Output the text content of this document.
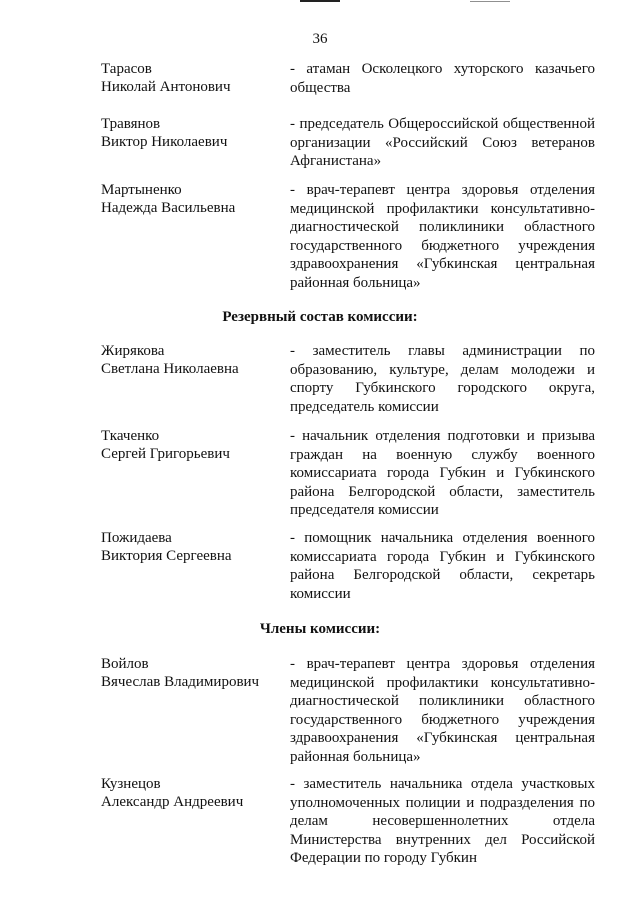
36
Тарасов
Николай Антонович
- атаман Осколецкого хуторского казачьего общества
Травянов
Виктор Николаевич
- председатель Общероссийской общественной организации «Российский Союз ветеранов Афганистана»
Мартыненко
Надежда Васильевна
- врач-терапевт центра здоровья отделения медицинской профилактики консультативно-диагностической поликлиники областного государственного бюджетного учреждения здравоохранения «Губкинская центральная районная больница»
Резервный состав комиссии:
Жирякова
Светлана Николаевна
- заместитель главы администрации по образованию, культуре, делам молодежи и спорту Губкинского городского округа, председатель комиссии
Ткаченко
Сергей Григорьевич
- начальник отделения подготовки и призыва граждан на военную службу военного комиссариата города Губкин и Губкинского района Белгородской области, заместитель председателя комиссии
Пожидаева
Виктория Сергеевна
- помощник начальника отделения военного комиссариата города Губкин и Губкинского района Белгородской области, секретарь комиссии
Члены комиссии:
Войлов
Вячеслав Владимирович
- врач-терапевт центра здоровья отделения медицинской профилактики консультативно-диагностической поликлиники областного государственного бюджетного учреждения здравоохранения «Губкинская центральная районная больница»
Кузнецов
Александр Андреевич
- заместитель начальника отдела участковых уполномоченных полиции и подразделения по делам несовершеннолетних отдела Министерства внутренних дел Российской Федерации по городу Губкин
